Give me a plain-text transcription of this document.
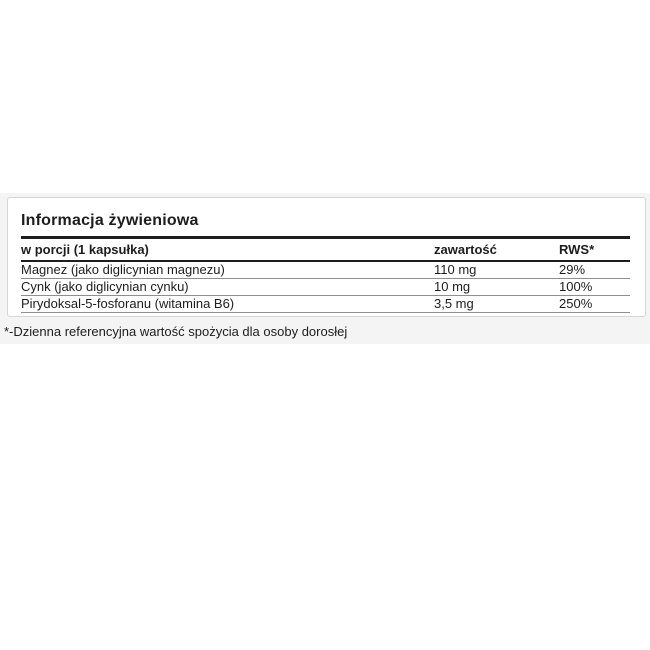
Informacja żywieniowa
w porcji (1 kapsułka)	zawartość	RWS*
Magnez (jako diglicynian magnezu)	110 mg	29%
Cynk (jako diglicynian cynku)	10 mg	100%
Pirydoksal-5-fosforanu (witamina B6)	3,5 mg	250%
*-Dzienna referencyjna wartość spożycia dla osoby dorosłej
